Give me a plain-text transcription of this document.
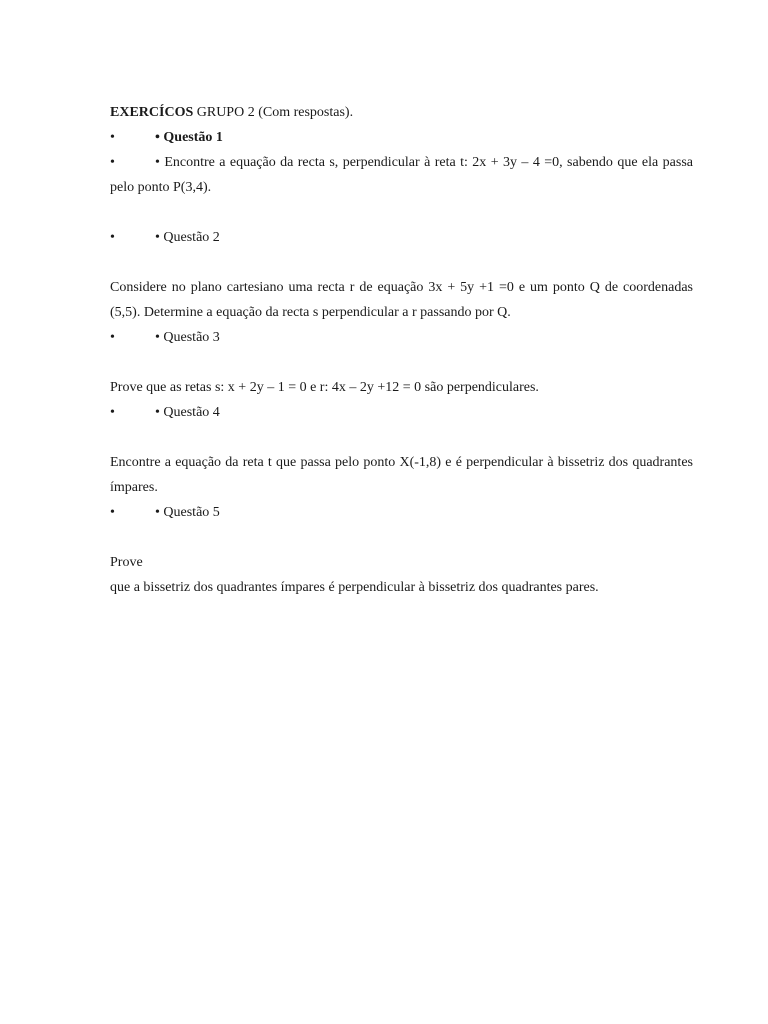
EXERCÍCOS GRUPO 2 (Com respostas).

•	• Questão 1

•	• Encontre a equação da recta s, perpendicular à reta t: 2x + 3y – 4 =0, sabendo que ela passa pelo ponto P(3,4).

•	• Questão 2

Considere no plano cartesiano uma recta r de equação 3x + 5y +1 =0 e um ponto Q de coordenadas (5,5). Determine a equação da recta s perpendicular a r passando por Q.

•	• Questão 3

Prove que as retas s: x + 2y – 1 = 0 e r: 4x – 2y +12 = 0 são perpendiculares.

•	• Questão 4

Encontre a equação da reta t que passa pelo ponto X(-1,8) e é perpendicular à bissetriz dos quadrantes ímpares.

•	• Questão 5

Prove

que a bissetriz dos quadrantes ímpares é perpendicular à bissetriz dos quadrantes pares.
